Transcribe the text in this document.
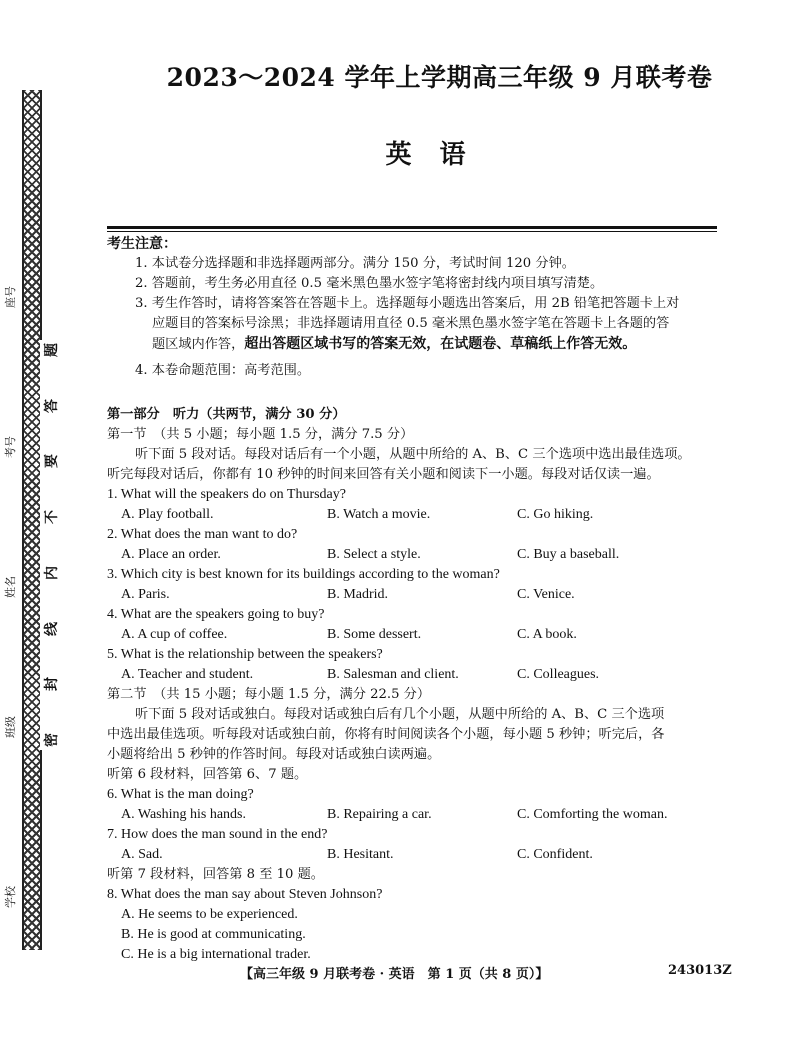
题
答
要
不
内
线
封
密
学校
班级
姓名
考号
座号
2023～2024 学年上学期高三年级 9 月联考卷
英语
考生注意：
1. 本试卷分选择题和非选择题两部分。满分 150 分，考试时间 120 分钟。
2. 答题前，考生务必用直径 0.5 毫米黑色墨水签字笔将密封线内项目填写清楚。
3. 考生作答时，请将答案答在答题卡上。选择题每小题选出答案后，用 2B 铅笔把答题卡上对
应题目的答案标号涂黑；非选择题请用直径 0.5 毫米黑色墨水签字笔在答题卡上各题的答
题区域内作答，超出答题区域书写的答案无效，在试题卷、草稿纸上作答无效。
4. 本卷命题范围：高考范围。
第一部分　听力（共两节，满分 30 分）
第一节　（共 5 小题；每小题 1.5 分，满分 7.5 分）
听下面 5 段对话。每段对话后有一个小题，从题中所给的 A、B、C 三个选项中选出最佳选项。
听完每段对话后，你都有 10 秒钟的时间来回答有关小题和阅读下一小题。每段对话仅读一遍。
1. What will the speakers do on Thursday?
A. Play football.	B. Watch a movie.	C. Go hiking.
2. What does the man want to do?
A. Place an order.	B. Select a style.	C. Buy a baseball.
3. Which city is best known for its buildings according to the woman?
A. Paris.	B. Madrid.	C. Venice.
4. What are the speakers going to buy?
A. A cup of coffee.	B. Some dessert.	C. A book.
5. What is the relationship between the speakers?
A. Teacher and student.	B. Salesman and client.	C. Colleagues.
第二节　（共 15 小题；每小题 1.5 分，满分 22.5 分）
听下面 5 段对话或独白。每段对话或独白后有几个小题，从题中所给的 A、B、C 三个选项
中选出最佳选项。听每段对话或独白前，你将有时间阅读各个小题，每小题 5 秒钟；听完后，各
小题将给出 5 秒钟的作答时间。每段对话或独白读两遍。
听第 6 段材料，回答第 6、7 题。
6. What is the man doing?
A. Washing his hands.	B. Repairing a car.	C. Comforting the woman.
7. How does the man sound in the end?
A. Sad.	B. Hesitant.	C. Confident.
听第 7 段材料，回答第 8 至 10 题。
8. What does the man say about Steven Johnson?
A. He seems to be experienced.
B. He is good at communicating.
C. He is a big international trader.
【高三年级 9 月联考卷 · 英语　第 1 页（共 8 页）】	243013Z
